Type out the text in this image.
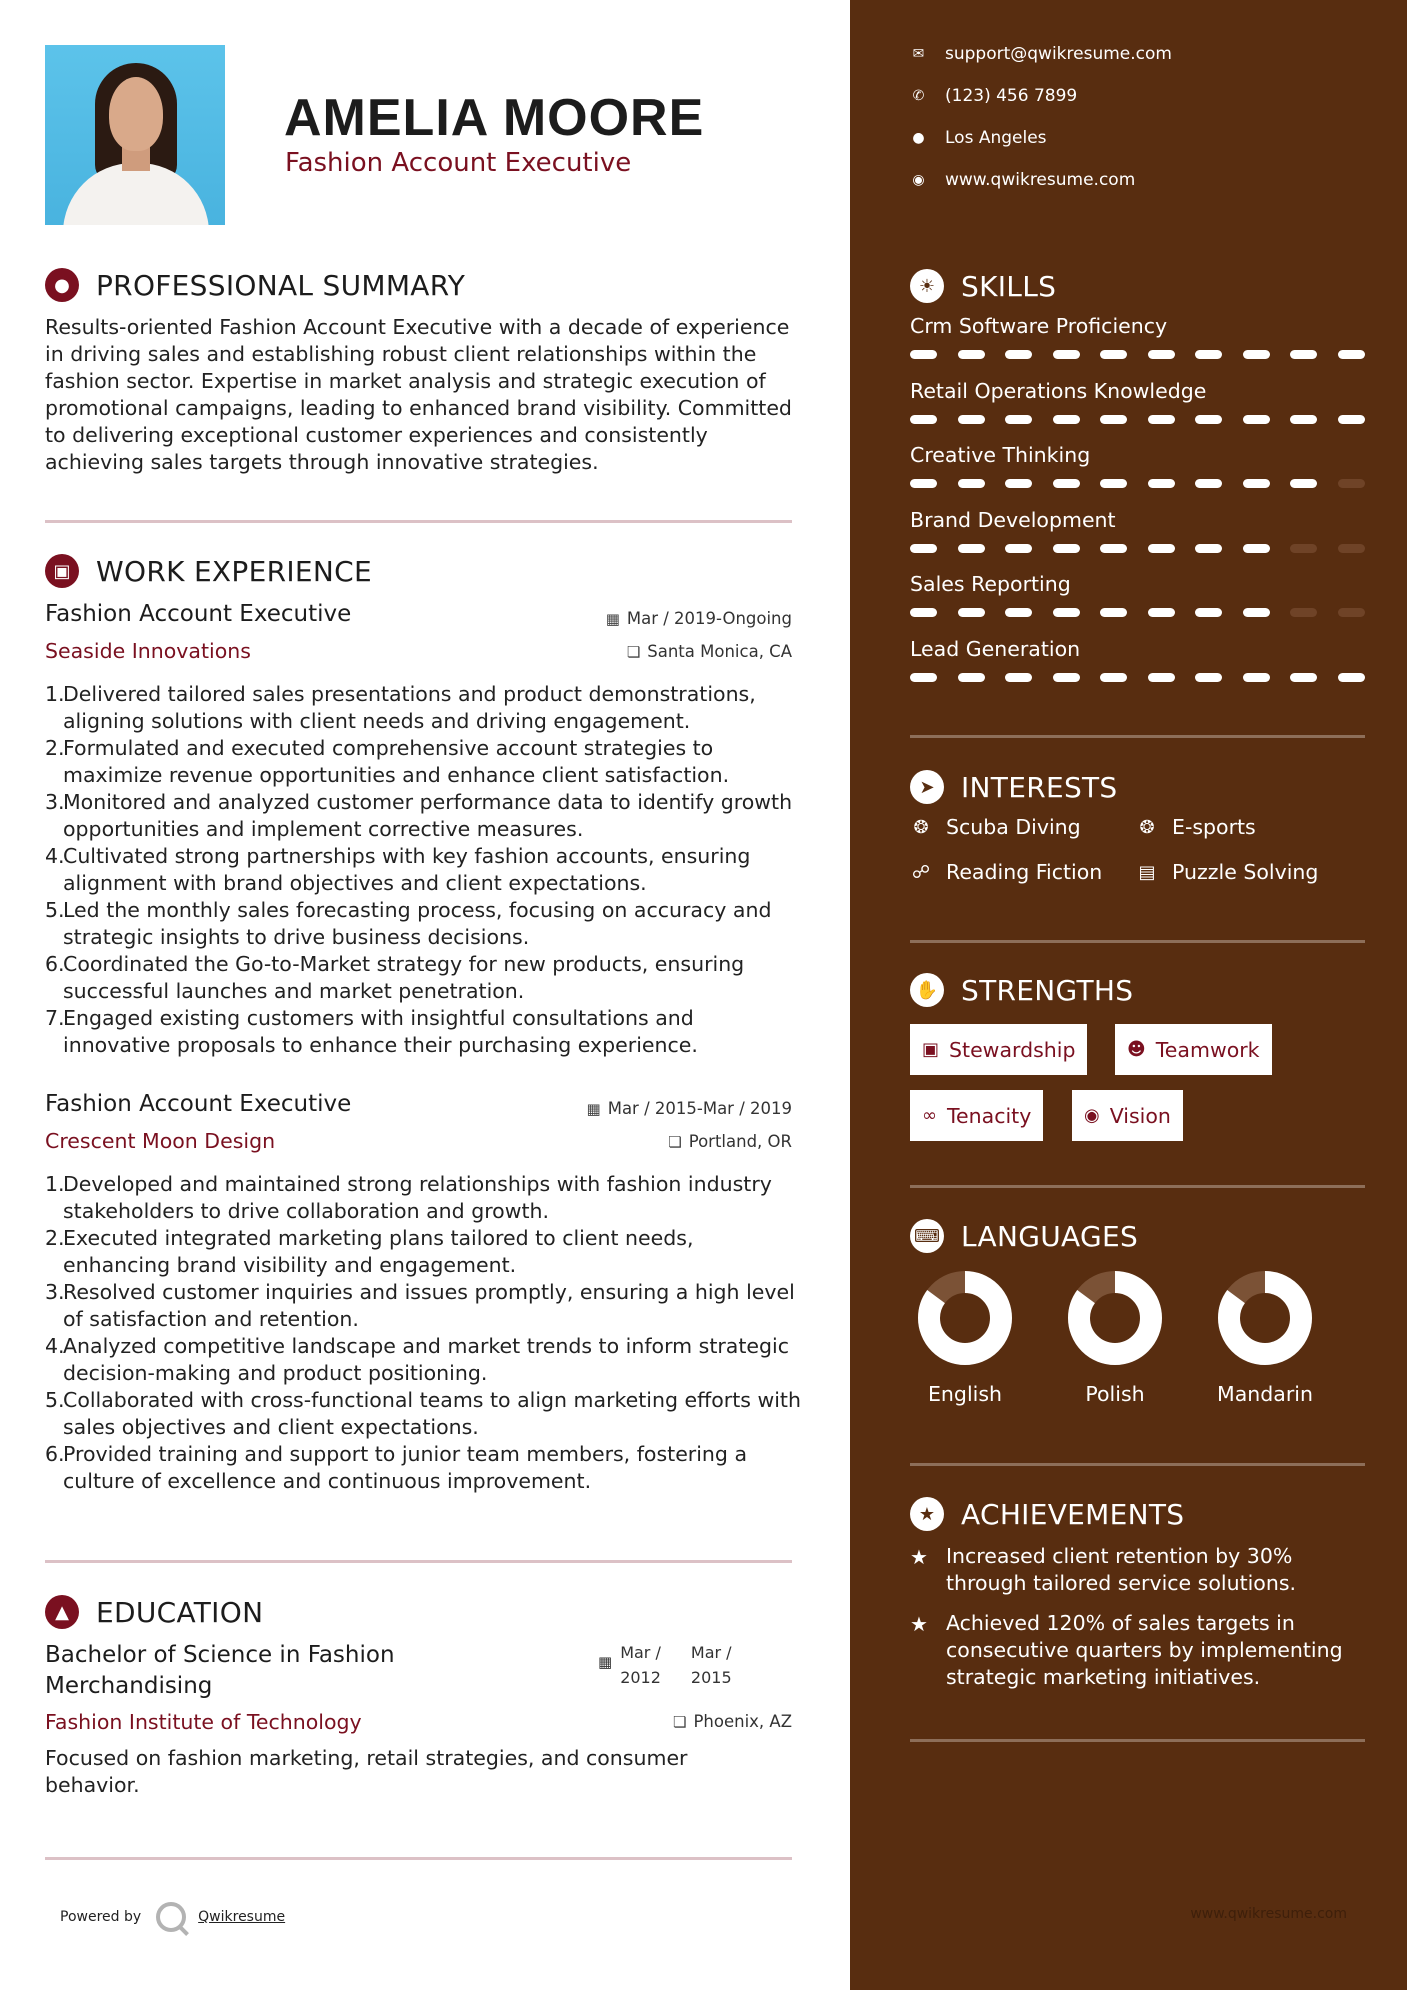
AMELIA MOORE
Fashion Account Executive
● PROFESSIONAL SUMMARY
Results-oriented Fashion Account Executive with a decade of experience in driving sales and establishing robust client relationships within the fashion sector. Expertise in market analysis and strategic execution of promotional campaigns, leading to enhanced brand visibility. Committed to delivering exceptional customer experiences and consistently achieving sales targets through innovative strategies.
▣ WORK EXPERIENCE
Fashion Account Executive	▦ Mar / 2019-Ongoing
Seaside Innovations	❏ Santa Monica, CA
1.
Delivered tailored sales presentations and product demonstrations, aligning solutions with client needs and driving engagement.
2.
Formulated and executed comprehensive account strategies to maximize revenue opportunities and enhance client satisfaction.
3.
Monitored and analyzed customer performance data to identify growth opportunities and implement corrective measures.
4.
Cultivated strong partnerships with key fashion accounts, ensuring alignment with brand objectives and client expectations.
5.
Led the monthly sales forecasting process, focusing on accuracy and strategic insights to drive business decisions.
6.
Coordinated the Go-to-Market strategy for new products, ensuring successful launches and market penetration.
7.
Engaged existing customers with insightful consultations and innovative proposals to enhance their purchasing experience.
Fashion Account Executive	▦ Mar / 2015-Mar / 2019
Crescent Moon Design	❏ Portland, OR
1.
Developed and maintained strong relationships with fashion industry stakeholders to drive collaboration and growth.
2.
Executed integrated marketing plans tailored to client needs, enhancing brand visibility and engagement.
3.
Resolved customer inquiries and issues promptly, ensuring a high level of satisfaction and retention.
4.
Analyzed competitive landscape and market trends to inform strategic decision-making and product positioning.
5.
Collaborated with cross-functional teams to align marketing efforts with sales objectives and client expectations.
6.
Provided training and support to junior team members, fostering a culture of excellence and continuous improvement.
▲ EDUCATION
Bachelor of Science in Fashion Merchandising
▦ Mar /
2012
Mar /
2015
Fashion Institute of Technology	❏ Phoenix, AZ
Focused on fashion marketing, retail strategies, and consumer behavior.
Powered by	Qwikresume
✉ support@qwikresume.com
✆ (123) 456 7899
● Los Angeles
◉ www.qwikresume.com
☀ SKILLS
Crm Software Proficiency
Retail Operations Knowledge
Creative Thinking
Brand Development
Sales Reporting
Lead Generation
➤ INTERESTS
❂ Scuba Diving	❂ E-sports
☍ Reading Fiction ▤ Puzzle Solving
✋ STRENGTHS
▣ Stewardship	☻ Teamwork
∞ Tenacity	◉ Vision
⌨ LANGUAGES
English	Polish	Mandarin
★ ACHIEVEMENTS
★ Increased client retention by 30% through tailored service solutions.
★ Achieved 120% of sales targets in consecutive quarters by implementing strategic marketing initiatives.
www.qwikresume.com
